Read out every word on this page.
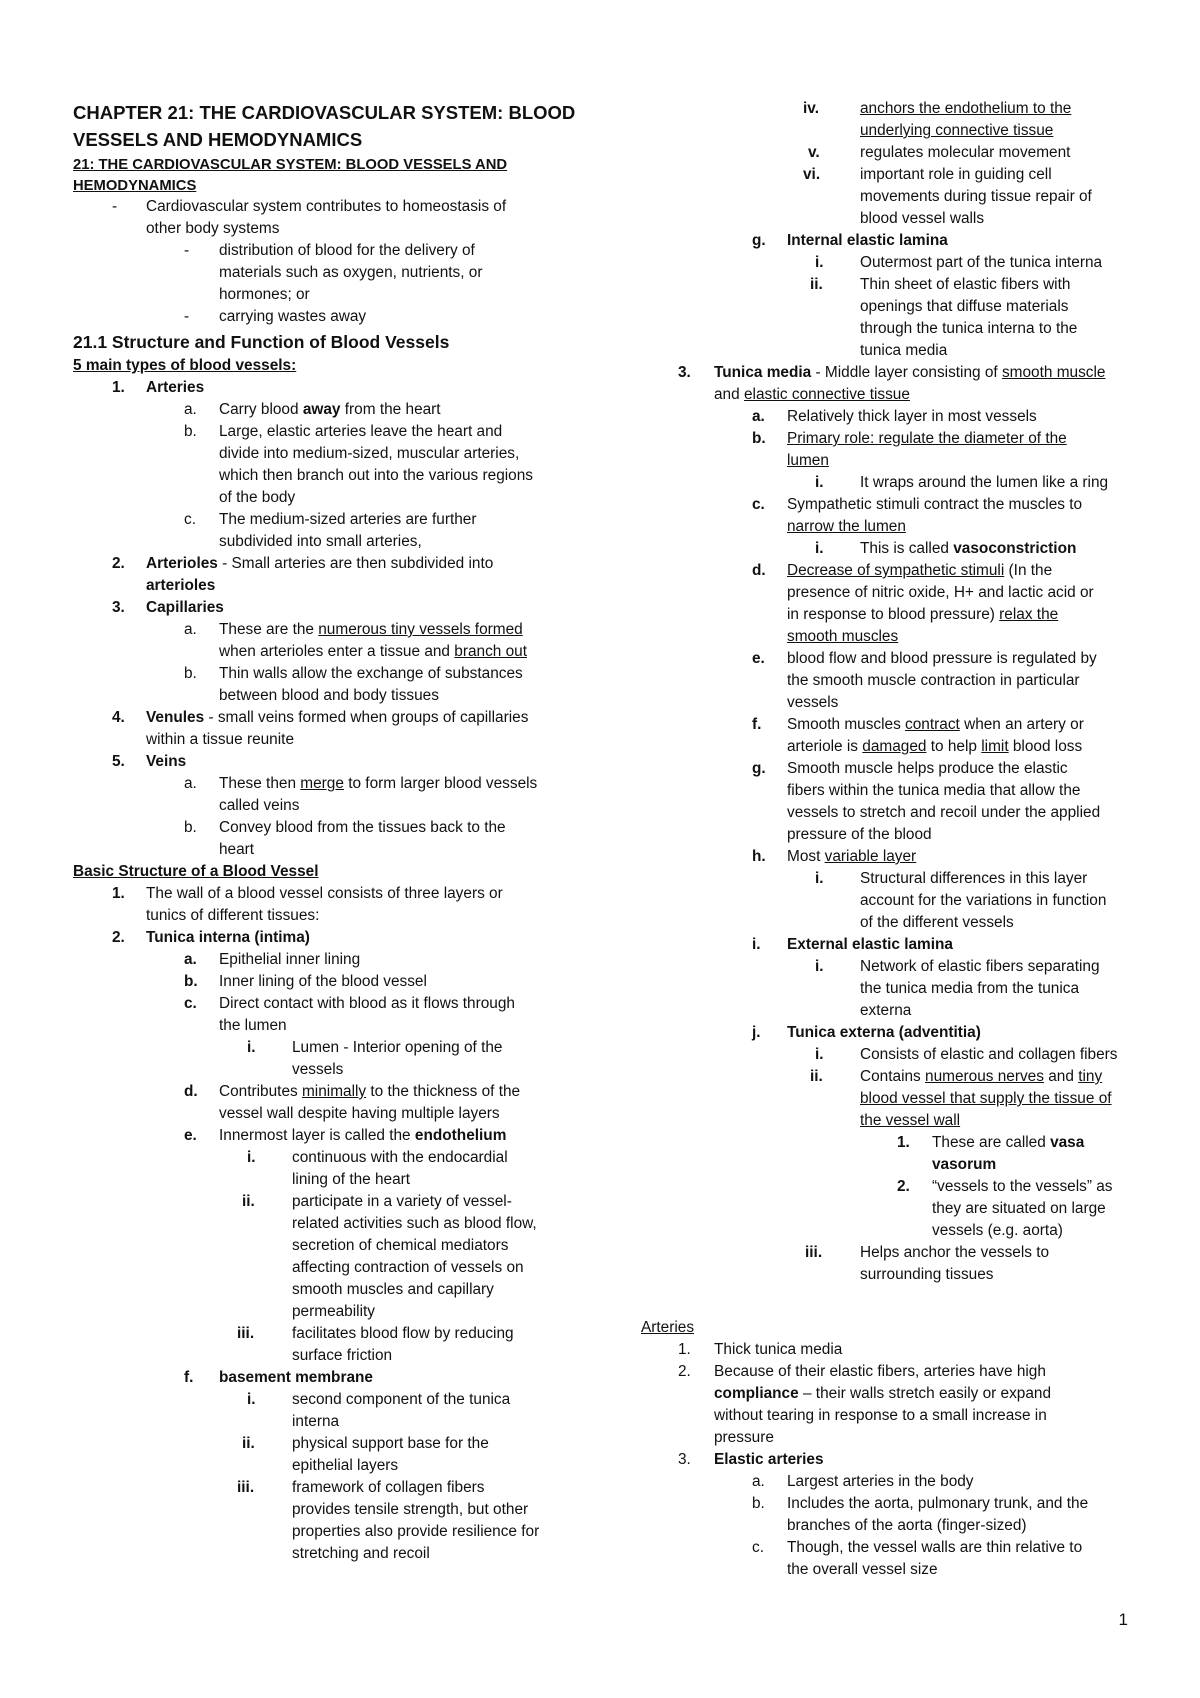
CHAPTER 21: THE CARDIOVASCULAR SYSTEM: BLOOD
VESSELS AND HEMODYNAMICS
21: THE CARDIOVASCULAR SYSTEM: BLOOD VESSELS AND
HEMODYNAMICS
- Cardiovascular system contributes to homeostasis of
other body systems
- distribution of blood for the delivery of
materials such as oxygen, nutrients, or
hormones; or
- carrying wastes away
21.1 Structure and Function of Blood Vessels
5 main types of blood vessels:
1. Arteries
a. Carry blood away from the heart
b. Large, elastic arteries leave the heart and
divide into medium-sized, muscular arteries,
which then branch out into the various regions
of the body
c. The medium-sized arteries are further
subdivided into small arteries,
2. Arterioles - Small arteries are then subdivided into
arterioles
3. Capillaries
a. These are the numerous tiny vessels formed
when arterioles enter a tissue and branch out
b. Thin walls allow the exchange of substances
between blood and body tissues
4. Venules - small veins formed when groups of capillaries
within a tissue reunite
5. Veins
a. These then merge to form larger blood vessels
called veins
b. Convey blood from the tissues back to the
heart
Basic Structure of a Blood Vessel
1. The wall of a blood vessel consists of three layers or
tunics of different tissues:
2. Tunica interna (intima)
a. Epithelial inner lining
b. Inner lining of the blood vessel
c. Direct contact with blood as it flows through
the lumen
i. Lumen - Interior opening of the
vessels
d. Contributes minimally to the thickness of the
vessel wall despite having multiple layers
e. Innermost layer is called the endothelium
i. continuous with the endocardial
lining of the heart
ii. participate in a variety of vessel-
related activities such as blood flow,
secretion of chemical mediators
affecting contraction of vessels on
smooth muscles and capillary
permeability
iii. facilitates blood flow by reducing
surface friction
f. basement membrane
i. second component of the tunica
interna
ii. physical support base for the
epithelial layers
iii. framework of collagen fibers
provides tensile strength, but other
properties also provide resilience for
stretching and recoil
iv.	anchors the endothelium to the
underlying connective tissue
v.	regulates molecular movement
vi.	important role in guiding cell
movements during tissue repair of
blood vessel walls
g. Internal elastic lamina
i. Outermost part of the tunica interna
ii. Thin sheet of elastic fibers with
openings that diffuse materials
through the tunica interna to the
tunica media
3. Tunica media - Middle layer consisting of smooth muscle
and elastic connective tissue
a. Relatively thick layer in most vessels
b. Primary role: regulate the diameter of the
lumen
i. It wraps around the lumen like a ring
c. Sympathetic stimuli contract the muscles to
narrow the lumen
i. This is called vasoconstriction
d. Decrease of sympathetic stimuli (In the
presence of nitric oxide, H+ and lactic acid or
in response to blood pressure) relax the
smooth muscles
e. blood flow and blood pressure is regulated by
the smooth muscle contraction in particular
vessels
f. Smooth muscles contract when an artery or
arteriole is damaged to help limit blood loss
g. Smooth muscle helps produce the elastic
fibers within the tunica media that allow the
vessels to stretch and recoil under the applied
pressure of the blood
h. Most variable layer
i. Structural differences in this layer
account for the variations in function
of the different vessels
i. External elastic lamina
i. Network of elastic fibers separating
the tunica media from the tunica
externa
j. Tunica externa (adventitia)
i. Consists of elastic and collagen fibers
ii. Contains numerous nerves and tiny
blood vessel that supply the tissue of
the vessel wall
1. These are called vasa
vasorum
2. “vessels to the vessels” as
they are situated on large
vessels (e.g. aorta)
iii. Helps anchor the vessels to
surrounding tissues
Arteries
1. Thick tunica media
2. Because of their elastic fibers, arteries have high
compliance – their walls stretch easily or expand
without tearing in response to a small increase in
pressure
3. Elastic arteries
a. Largest arteries in the body
b. Includes the aorta, pulmonary trunk, and the
branches of the aorta (finger-sized)
c. Though, the vessel walls are thin relative to
the overall vessel size
1
